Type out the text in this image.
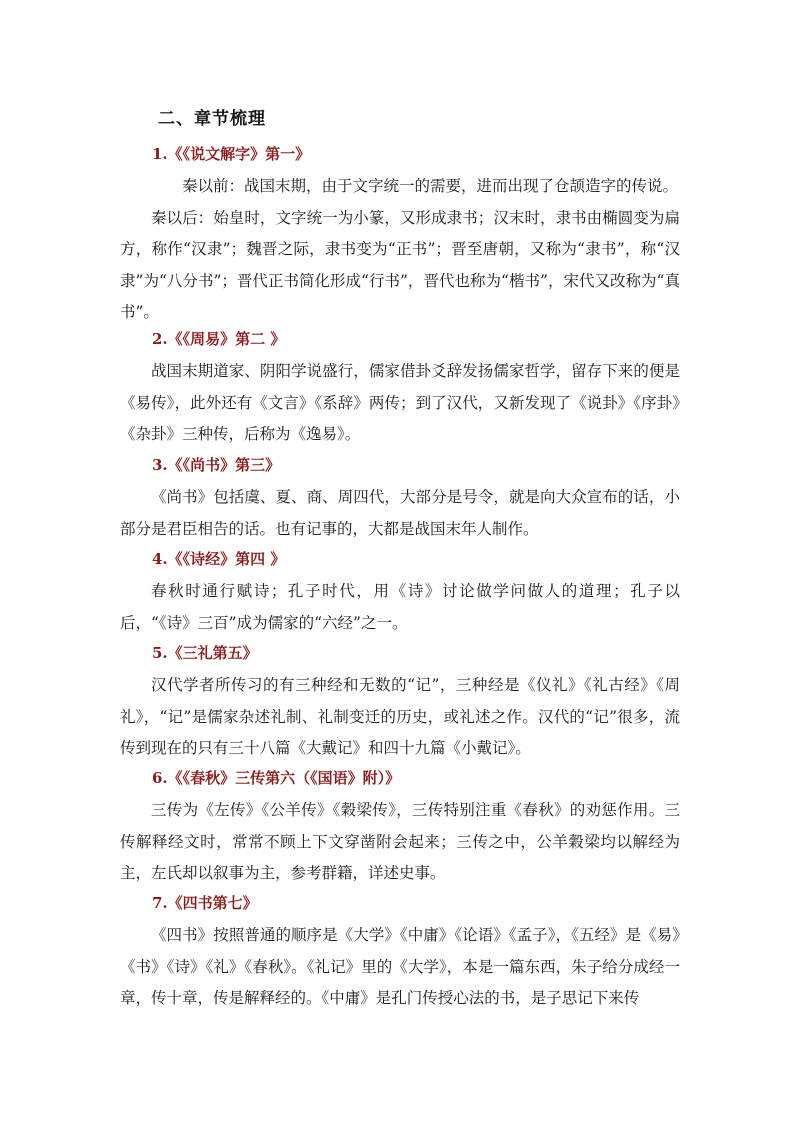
二、章节梳理
1.《《说文解字》第一》

秦以前：战国末期，由于文字统一的需要，进而出现了仓颉造字的传说。

秦以后：始皇时，文字统一为小篆，又形成隶书；汉末时，隶书由椭圆变为扁方，称作“汉隶”；魏晋之际，隶书变为“正书”；晋至唐朝，又称为“隶书”，称“汉隶”为“八分书”；晋代正书简化形成“行书”，晋代也称为“楷书”，宋代又改称为“真书”。

2.《《周易》第二 》

战国末期道家、阴阳学说盛行，儒家借卦爻辞发扬儒家哲学，留存下来的便是《易传》，此外还有《文言》《系辞》两传；到了汉代，又新发现了《说卦》《序卦》《杂卦》三种传，后称为《逸易》。

3.《《尚书》第三》

《尚书》包括虞、夏、商、周四代，大部分是号令，就是向大众宣布的话，小部分是君臣相告的话。也有记事的，大都是战国末年人制作。

4.《《诗经》第四 》

春秋时通行赋诗；孔子时代，用《诗》讨论做学问做人的道理；孔子以后，“《诗》三百”成为儒家的“六经”之一。

5.《三礼第五》

汉代学者所传习的有三种经和无数的“记”，三种经是《仪礼》《礼古经》《周礼》，“记”是儒家杂述礼制、礼制变迁的历史，或礼述之作。汉代的“记”很多，流传到现在的只有三十八篇《大戴记》和四十九篇《小戴记》。

6.《《春秋》三传第六（《国语》附）》

三传为《左传》《公羊传》《穀梁传》，三传特别注重《春秋》的劝惩作用。三传解释经文时，常常不顾上下文穿凿附会起来；三传之中，公羊穀梁均以解经为主，左氏却以叙事为主，参考群籍，详述史事。

7.《四书第七》

《四书》按照普通的顺序是《大学》《中庸》《论语》《孟子》，《五经》是《易》《书》《诗》《礼》《春秋》。《礼记》里的《大学》，本是一篇东西，朱子给分成经一章，传十章，传是解释经的。《中庸》是孔门传授心法的书，是子思记下来传
